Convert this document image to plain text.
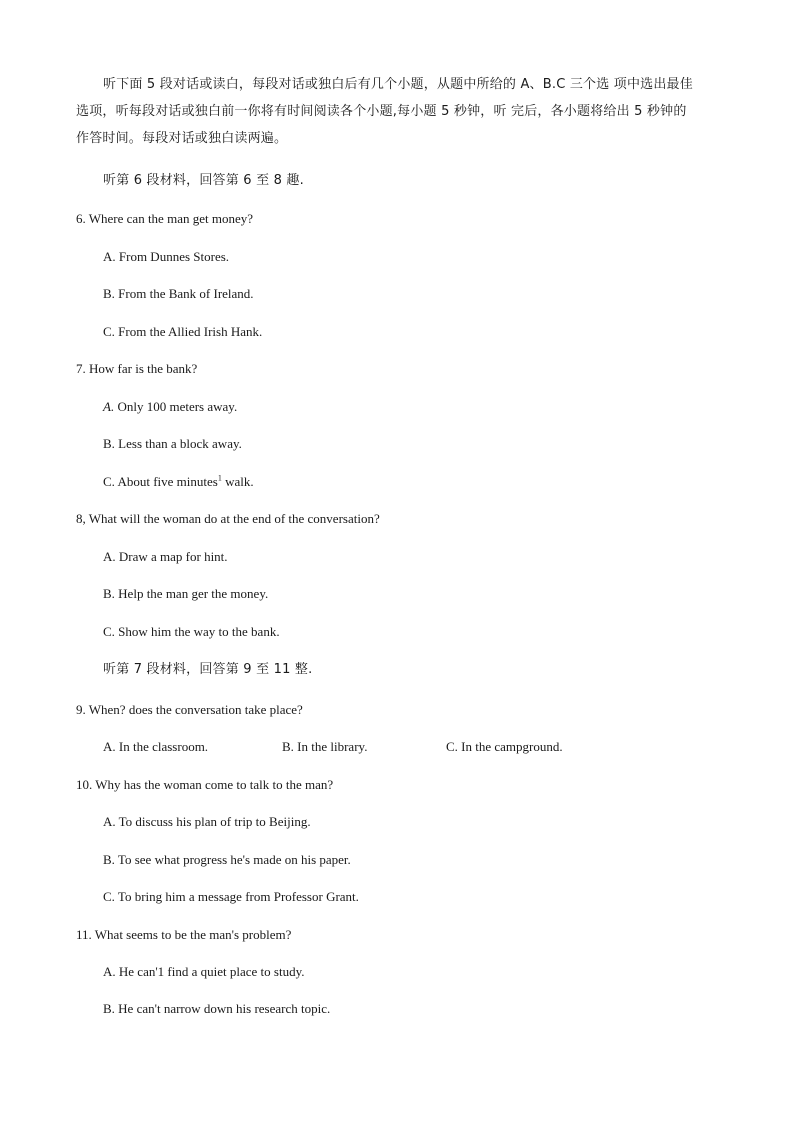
听下面 5 段对话或读白，每段对话或独白后有几个小题，从题中所给的 A、B.C 三个选 项中选出最佳
选项，听每段对话或独白前一你将有时间阅读各个小题,每小题 5 秒钟，听 完后，各小题将给出 5 秒钟的
作答时间。每段对话或独白读两遍。
听第 6 段材料，回答第 6 至 8 趣.
6. Where can the man get money?
A. From Dunnes Stores.
B. From the Bank of Ireland.
C. From the Allied Irish Hank.
7. How far is the bank?
A. Only 100 meters away.
B. Less than a block away.
C. About five minutes$^1$ walk.
8, What will the woman do at the end of the conversation?
A. Draw a map for hint.
B. Help the man ger the money.
C. Show him the way to the bank.
听第 7 段材料，回答第 9 至 11 整.
9. When? does the conversation take place?
A. In the classroom.	B. In the library.	C. In the campground.
10. Why has the woman come to talk to the man?
A. To discuss his plan of trip to Beijing.
B. To see what progress he's made on his paper.
C. To bring him a message from Professor Grant.
11. What seems to be the man's problem?
A. He can'1 find a quiet place to study.
B. He can't narrow down his research topic.
